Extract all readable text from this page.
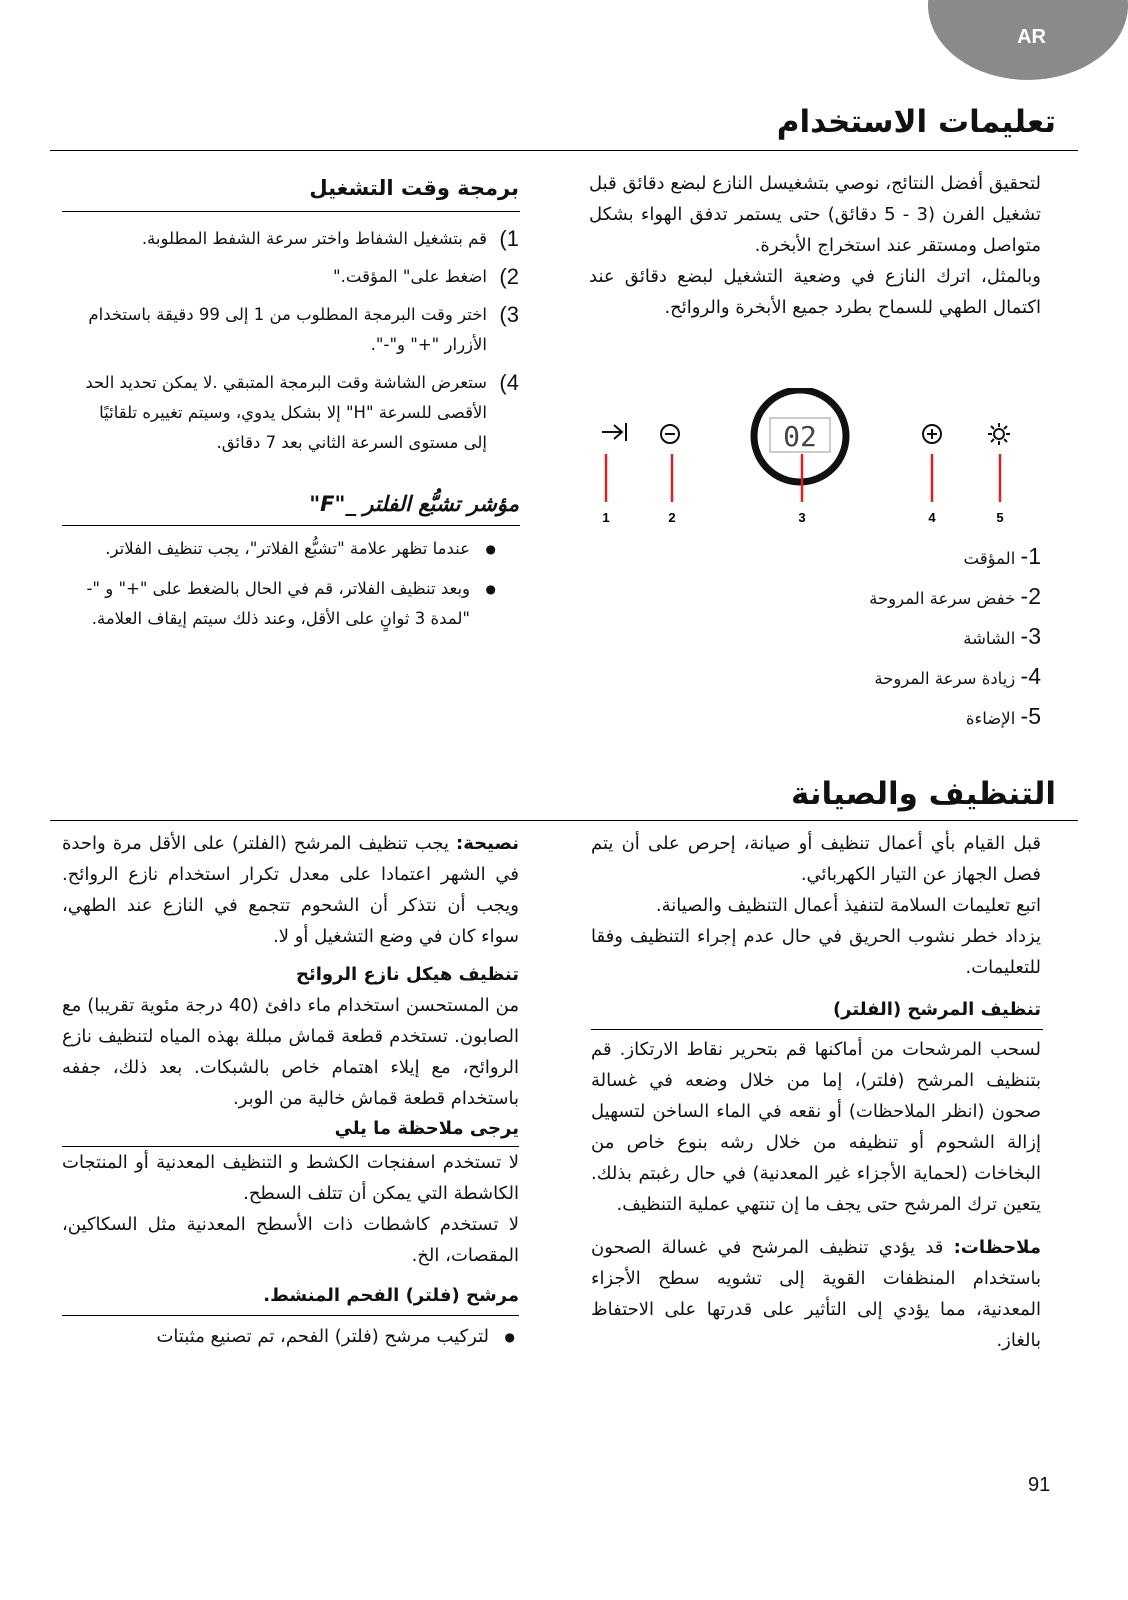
AR
تعليمات الاستخدام
لتحقيق أفضل النتائج، نوصي بتشغيسل النازع لبضع دقائق قبل تشغيل الفرن (3 - 5 دقائق) حتى يستمر تدفق الهواء بشكل متواصل ومستقر عند استخراج الأبخرة.
وبالمثل، اترك النازع في وضعية التشغيل لبضع دقائق عند اكتمال الطهي للسماح بطرد جميع الأبخرة والروائح.
02
1	2	3	4	5
1- المؤقت
2- خفض سرعة المروحة
3- الشاشة
4- زيادة سرعة المروحة
5- الإضاءة
برمجة وقت التشغيل
1)
قم بتشغيل الشفاط واختر سرعة الشفط المطلوبة.
2)
اضغط على" المؤقت."
3)
اختر وقت البرمجة المطلوب من 1 إلى 99 دقيقة باستخدام الأزرار "+" و"-".
4)
ستعرض الشاشة وقت البرمجة المتبقي .لا يمكن تحديد الحد الأقصى للسرعة "H" إلا بشكل يدوي، وسيتم تغييره تلقائيًا إلى مستوى السرعة الثاني بعد 7 دقائق.
مؤشر تشبُّع الفلتر _"F"
● عندما تظهر علامة "تشبُّع الفلاتر"، يجب تنظيف الفلاتر.
● وبعد تنظيف الفلاتر، قم في الحال بالضغط على "+" و "-"لمدة 3 ثوانٍ على الأقل، وعند ذلك سيتم إيقاف العلامة.
التنظيف والصيانة
قبل القيام بأي أعمال تنظيف أو صيانة، إحرص على أن يتم فصل الجهاز عن التيار الكهربائي.
اتبع تعليمات السلامة لتنفيذ أعمال التنظيف والصيانة.
يزداد خطر نشوب الحريق في حال عدم إجراء التنظيف وفقا للتعليمات.
تنظيف المرشح (الفلتر)
لسحب المرشحات من أماكنها قم بتحرير نقاط الارتكاز. قم بتنظيف المرشح (فلتر)، إما من خلال وضعه في غسالة صحون (انظر الملاحظات) أو نقعه في الماء الساخن لتسهيل إزالة الشحوم أو تنظيفه من خلال رشه بنوع خاص من البخاخات (لحماية الأجزاء غير المعدنية) في حال رغبتم بذلك. يتعين ترك المرشح حتى يجف ما إن تنتهي عملية التنظيف.
ملاحظات: قد يؤدي تنظيف المرشح في غسالة الصحون باستخدام المنظفات القوية إلى تشويه سطح الأجزاء المعدنية، مما يؤدي إلى التأثير على قدرتها على الاحتفاظ بالغاز.
نصيحة: يجب تنظيف المرشح (الفلتر) على الأقل مرة واحدة في الشهر اعتمادا على معدل تكرار استخدام نازع الروائح. ويجب أن نتذكر أن الشحوم تتجمع في النازع عند الطهي، سواء كان في وضع التشغيل أو لا.
تنظيف هيكل نازع الروائح
من المستحسن استخدام ماء دافئ (40 درجة مئوية تقريبا) مع الصابون. تستخدم قطعة قماش مبللة بهذه المياه لتنظيف نازع الروائح، مع إيلاء اهتمام خاص بالشبكات. بعد ذلك، جففه باستخدام قطعة قماش خالية من الوبر.
يرجى ملاحظة ما يلي
لا تستخدم اسفنجات الكشط و التنظيف المعدنية أو المنتجات الكاشطة التي يمكن أن تتلف السطح.
لا تستخدم كاشطات ذات الأسطح المعدنية مثل السكاكين، المقصات، الخ.
مرشح (فلتر) الفحم المنشط.
● لتركيب مرشح (فلتر) الفحم، تم تصنيع مثبتات
91
